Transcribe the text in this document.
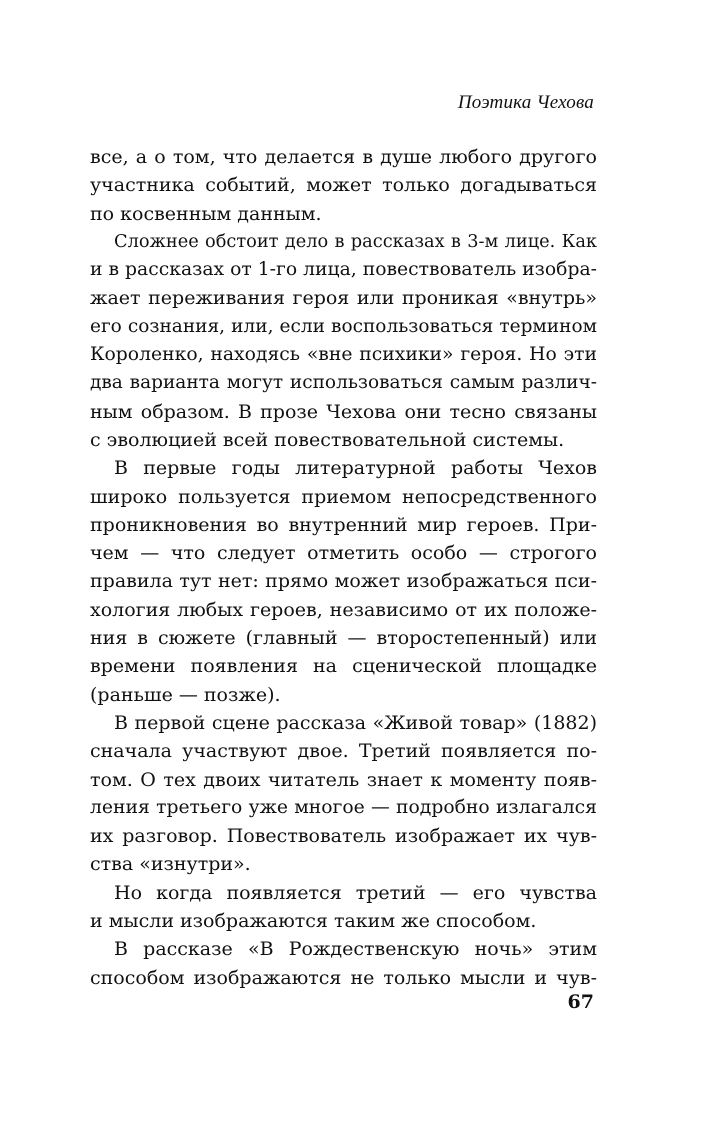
Поэтика Чехова
все, а о том, что делается в душе любого другого
участника событий, может только догадываться
по косвенным данным.
Сложнее обстоит дело в рассказах в 3-м лице. Как
и в рассказах от 1-го лица, повествователь изобра-
жает переживания героя или проникая «внутрь»
его сознания, или, если воспользоваться термином
Короленко, находясь «вне психики» героя. Но эти
два варианта могут использоваться самым различ-
ным образом. В прозе Чехова они тесно связаны
с эволюцией всей повествовательной системы.
В первые годы литературной работы Чехов
широко пользуется приемом непосредственного
проникновения во внутренний мир героев. При-
чем — что следует отметить особо — строгого
правила тут нет: прямо может изображаться пси-
хология любых героев, независимо от их положе-
ния в сюжете (главный — второстепенный) или
времени появления на сценической площадке
(раньше — позже).
В первой сцене рассказа «Живой товар» (1882)
сначала участвуют двое. Третий появляется по-
том. О тех двоих читатель знает к моменту появ-
ления третьего уже многое — подробно излагался
их разговор. Повествователь изображает их чув-
ства «изнутри».
Но когда появляется третий — его чувства
и мысли изображаются таким же способом.
В рассказе «В Рождественскую ночь» этим
способом изображаются не только мысли и чув-
67
